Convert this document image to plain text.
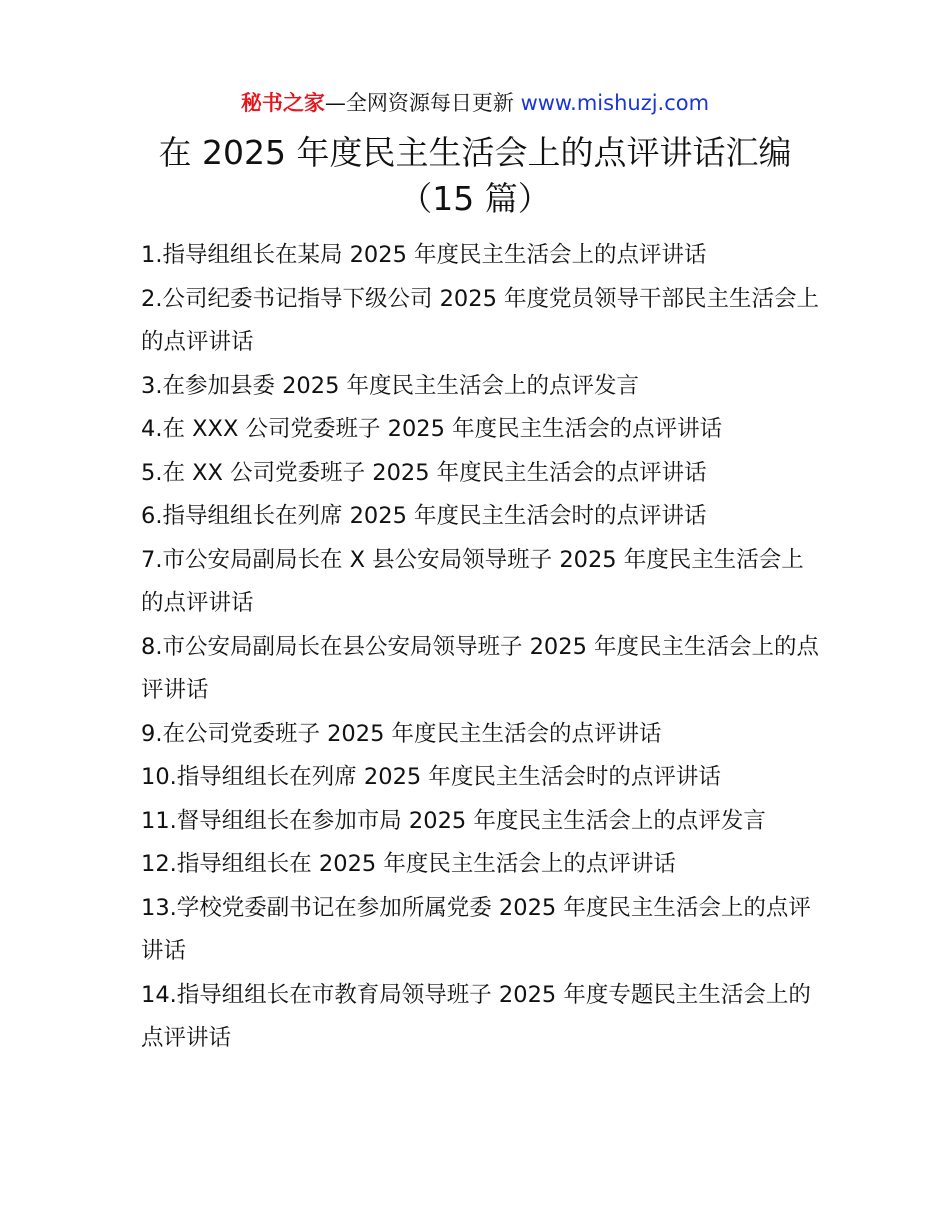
秘书之家—全网资源每日更新 www.mishuzj.com
在 2025 年度民主生活会上的点评讲话汇编
（15 篇）
1.指导组组长在某局 2025 年度民主生活会上的点评讲话
2.公司纪委书记指导下级公司 2025 年度党员领导干部民主生活会上的点评讲话
3.在参加县委 2025 年度民主生活会上的点评发言
4.在 XXX 公司党委班子 2025 年度民主生活会的点评讲话
5.在 XX 公司党委班子 2025 年度民主生活会的点评讲话
6.指导组组长在列席 2025 年度民主生活会时的点评讲话
7.市公安局副局长在 X 县公安局领导班子 2025 年度民主生活会上的点评讲话
8.市公安局副局长在县公安局领导班子 2025 年度民主生活会上的点评讲话
9.在公司党委班子 2025 年度民主生活会的点评讲话
10.指导组组长在列席 2025 年度民主生活会时的点评讲话
11.督导组组长在参加市局 2025 年度民主生活会上的点评发言
12.指导组组长在 2025 年度民主生活会上的点评讲话
13.学校党委副书记在参加所属党委 2025 年度民主生活会上的点评讲话
14.指导组组长在市教育局领导班子 2025 年度专题民主生活会上的点评讲话
